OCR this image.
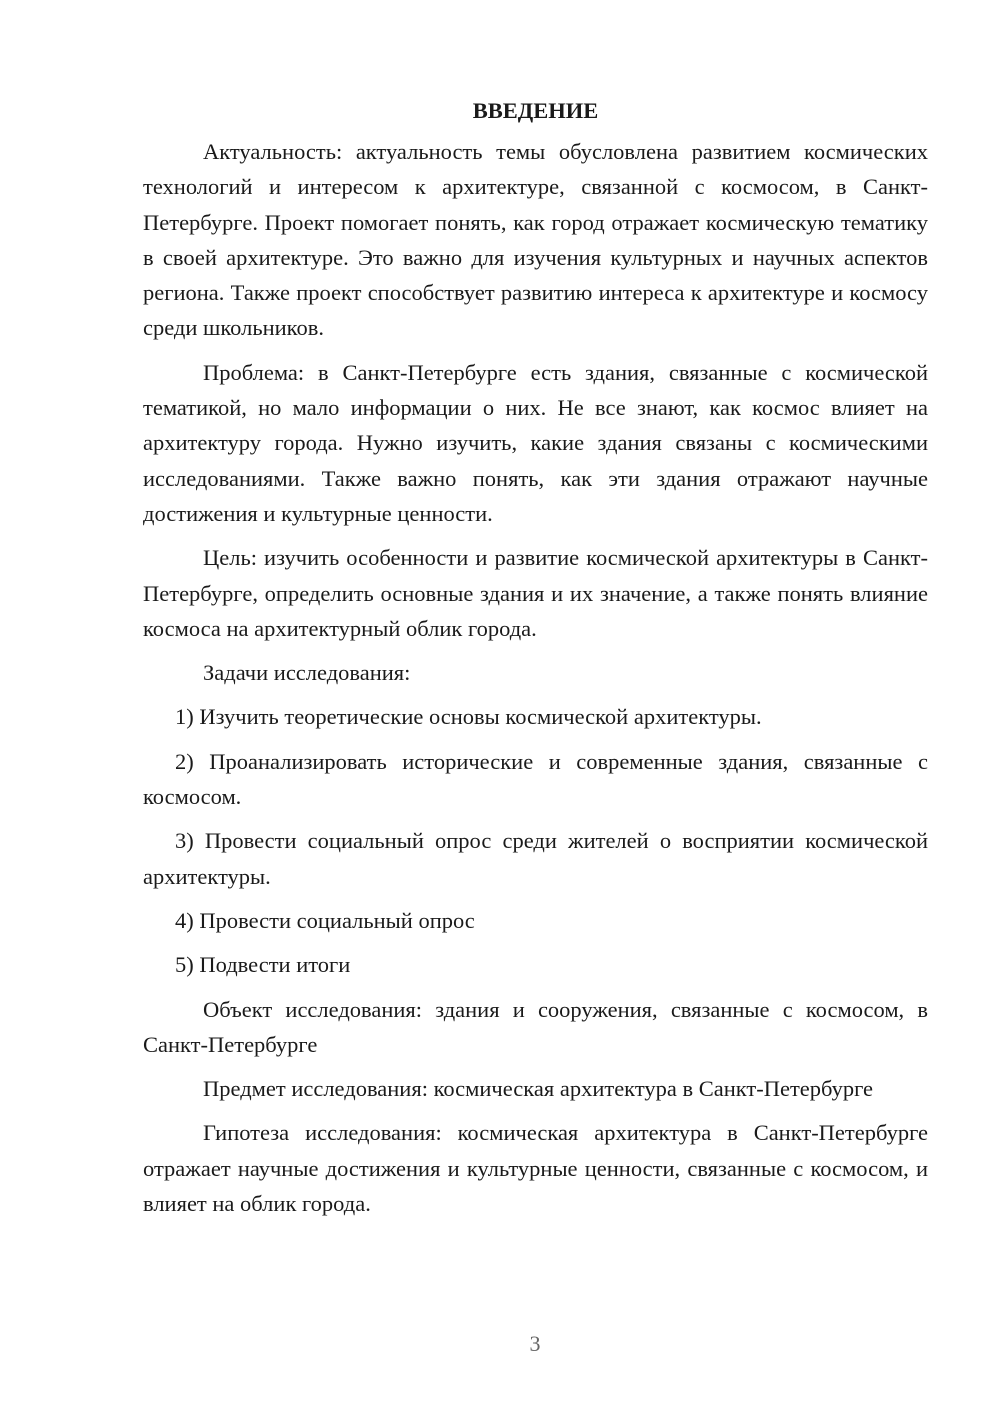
ВВЕДЕНИЕ

Актуальность: актуальность темы обусловлена развитием космических технологий и интересом к архитектуре, связанной с космосом, в Санкт-Петербурге. Проект помогает понять, как город отражает космическую тематику в своей архитектуре. Это важно для изучения культурных и научных аспектов региона. Также проект способствует развитию интереса к архитектуре и космосу среди школьников.

Проблема: в Санкт-Петербурге есть здания, связанные с космической тематикой, но мало информации о них. Не все знают, как космос влияет на архитектуру города. Нужно изучить, какие здания связаны с космическими исследованиями. Также важно понять, как эти здания отражают научные достижения и культурные ценности.

Цель: изучить особенности и развитие космической архитектуры в Санкт-Петербурге, определить основные здания и их значение, а также понять влияние космоса на архитектурный облик города.

Задачи исследования:

1) Изучить теоретические основы космической архитектуры.

2) Проанализировать исторические и современные здания, связанные с космосом.

3) Провести социальный опрос среди жителей о восприятии космической архитектуры.

4) Провести социальный опрос

5) Подвести итоги

Объект исследования: здания и сооружения, связанные с космосом, в Санкт-Петербурге

Предмет исследования: космическая архитектура в Санкт-Петербурге

Гипотеза исследования: космическая архитектура в Санкт-Петербурге отражает научные достижения и культурные ценности, связанные с космосом, и влияет на облик города.

3
